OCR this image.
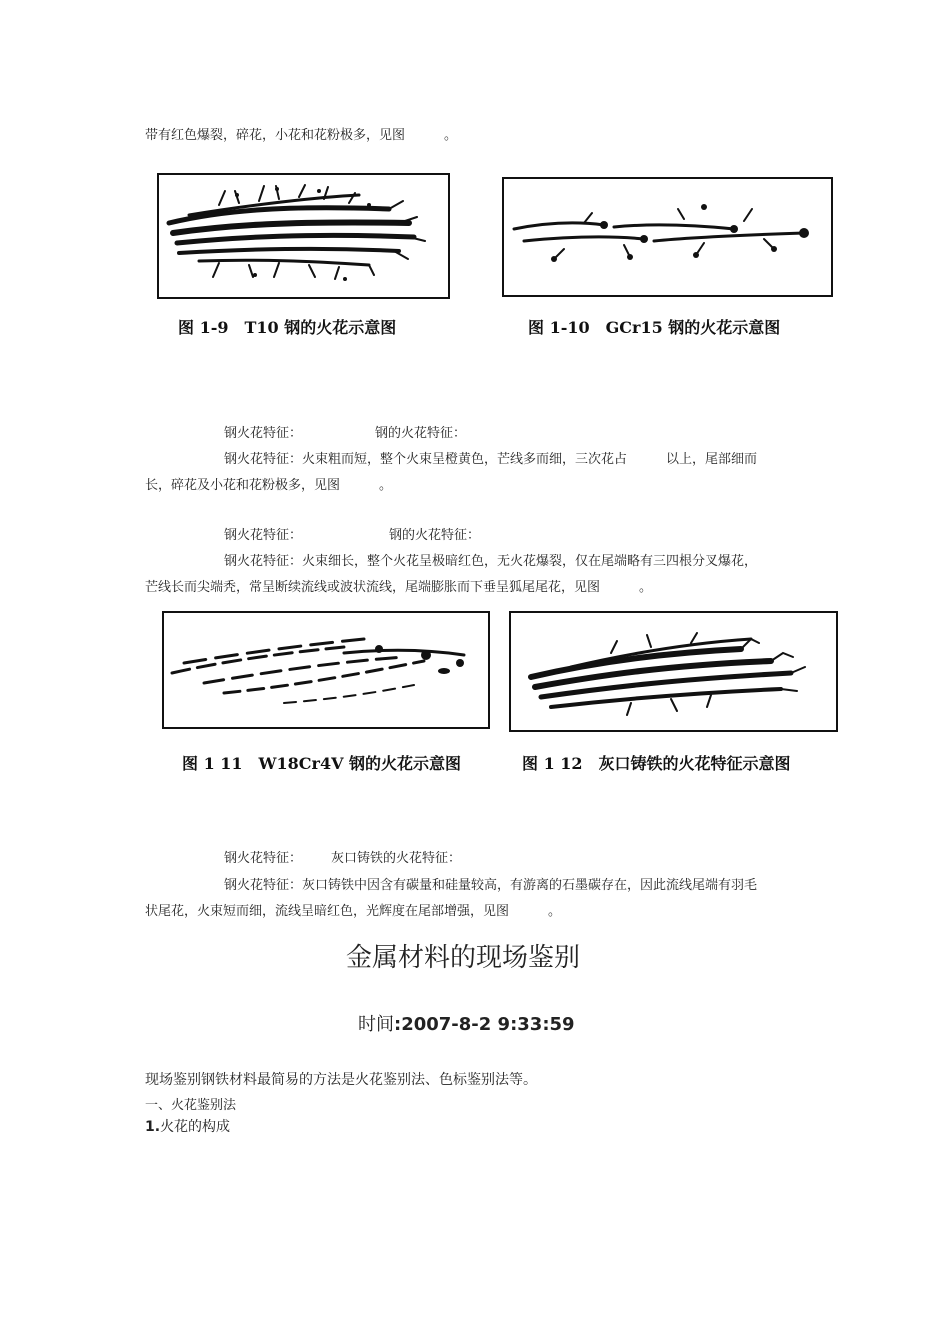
带有红色爆裂，碎花，小花和花粉极多，见图　　　。
图 1-9　T10 钢的火花示意图	图 1-10　GCr15 钢的火花示意图
钢火花特征：	钢的火花特征：
钢火花特征：火束粗而短，整个火束呈橙黄色，芒线多而细，三次花占　　　以上，尾部细而
长，碎花及小花和花粉极多，见图　　　。
钢火花特征：	钢的火花特征：
钢火花特征：火束细长，整个火花呈极暗红色，无火花爆裂，仅在尾端略有三四根分叉爆花，
芒线长而尖端秃，常呈断续流线或波状流线，尾端膨胀而下垂呈狐尾尾花，见图　　　。
图 1 11　W18Cr4V 钢的火花示意图	图 1 12　灰口铸铁的火花特征示意图
钢火花特征： 灰口铸铁的火花特征：
钢火花特征：灰口铸铁中因含有碳量和硅量较高，有游离的石墨碳存在，因此流线尾端有羽毛
状尾花，火束短而细，流线呈暗红色，光辉度在尾部增强，见图　　　。
金属材料的现场鉴别
时间:2007-8-2 9:33:59
现场鉴别钢铁材料最简易的方法是火花鉴别法、色标鉴别法等。
一、火花鉴别法
1.火花的构成
